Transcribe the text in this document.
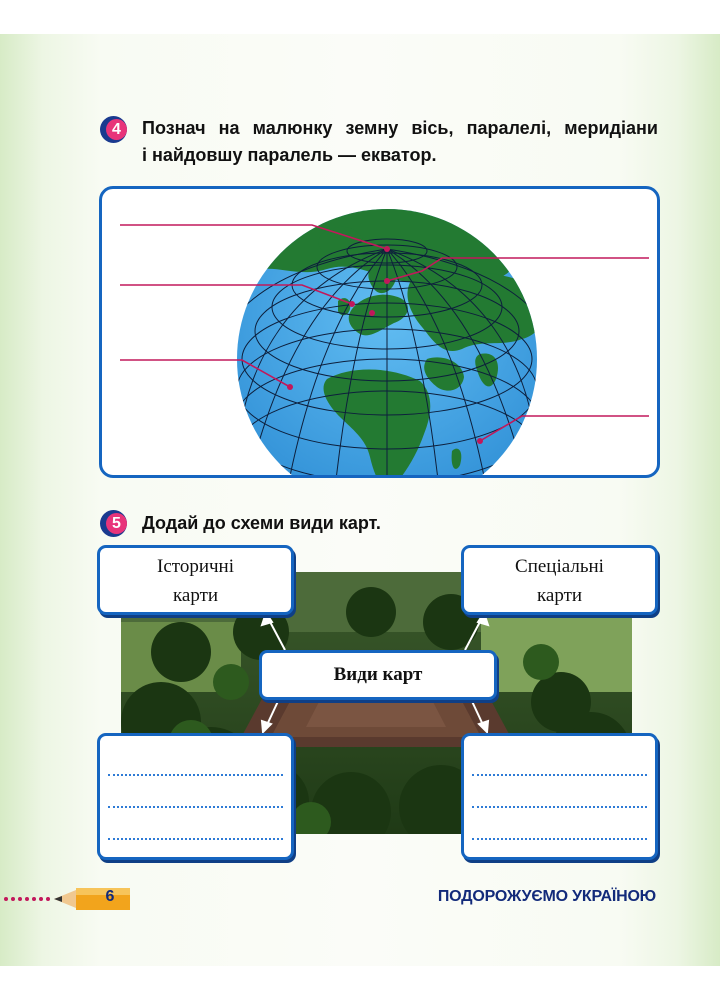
4	Познач на малюнку земну вісь, паралелі, меридіани
і найдовшу паралель — екватор.
5	Додай до схеми види карт.
Історичні
карти
Спеціальні
карти
Види карт
6	ПОДОРОЖУЄМО УКРАЇНОЮ
